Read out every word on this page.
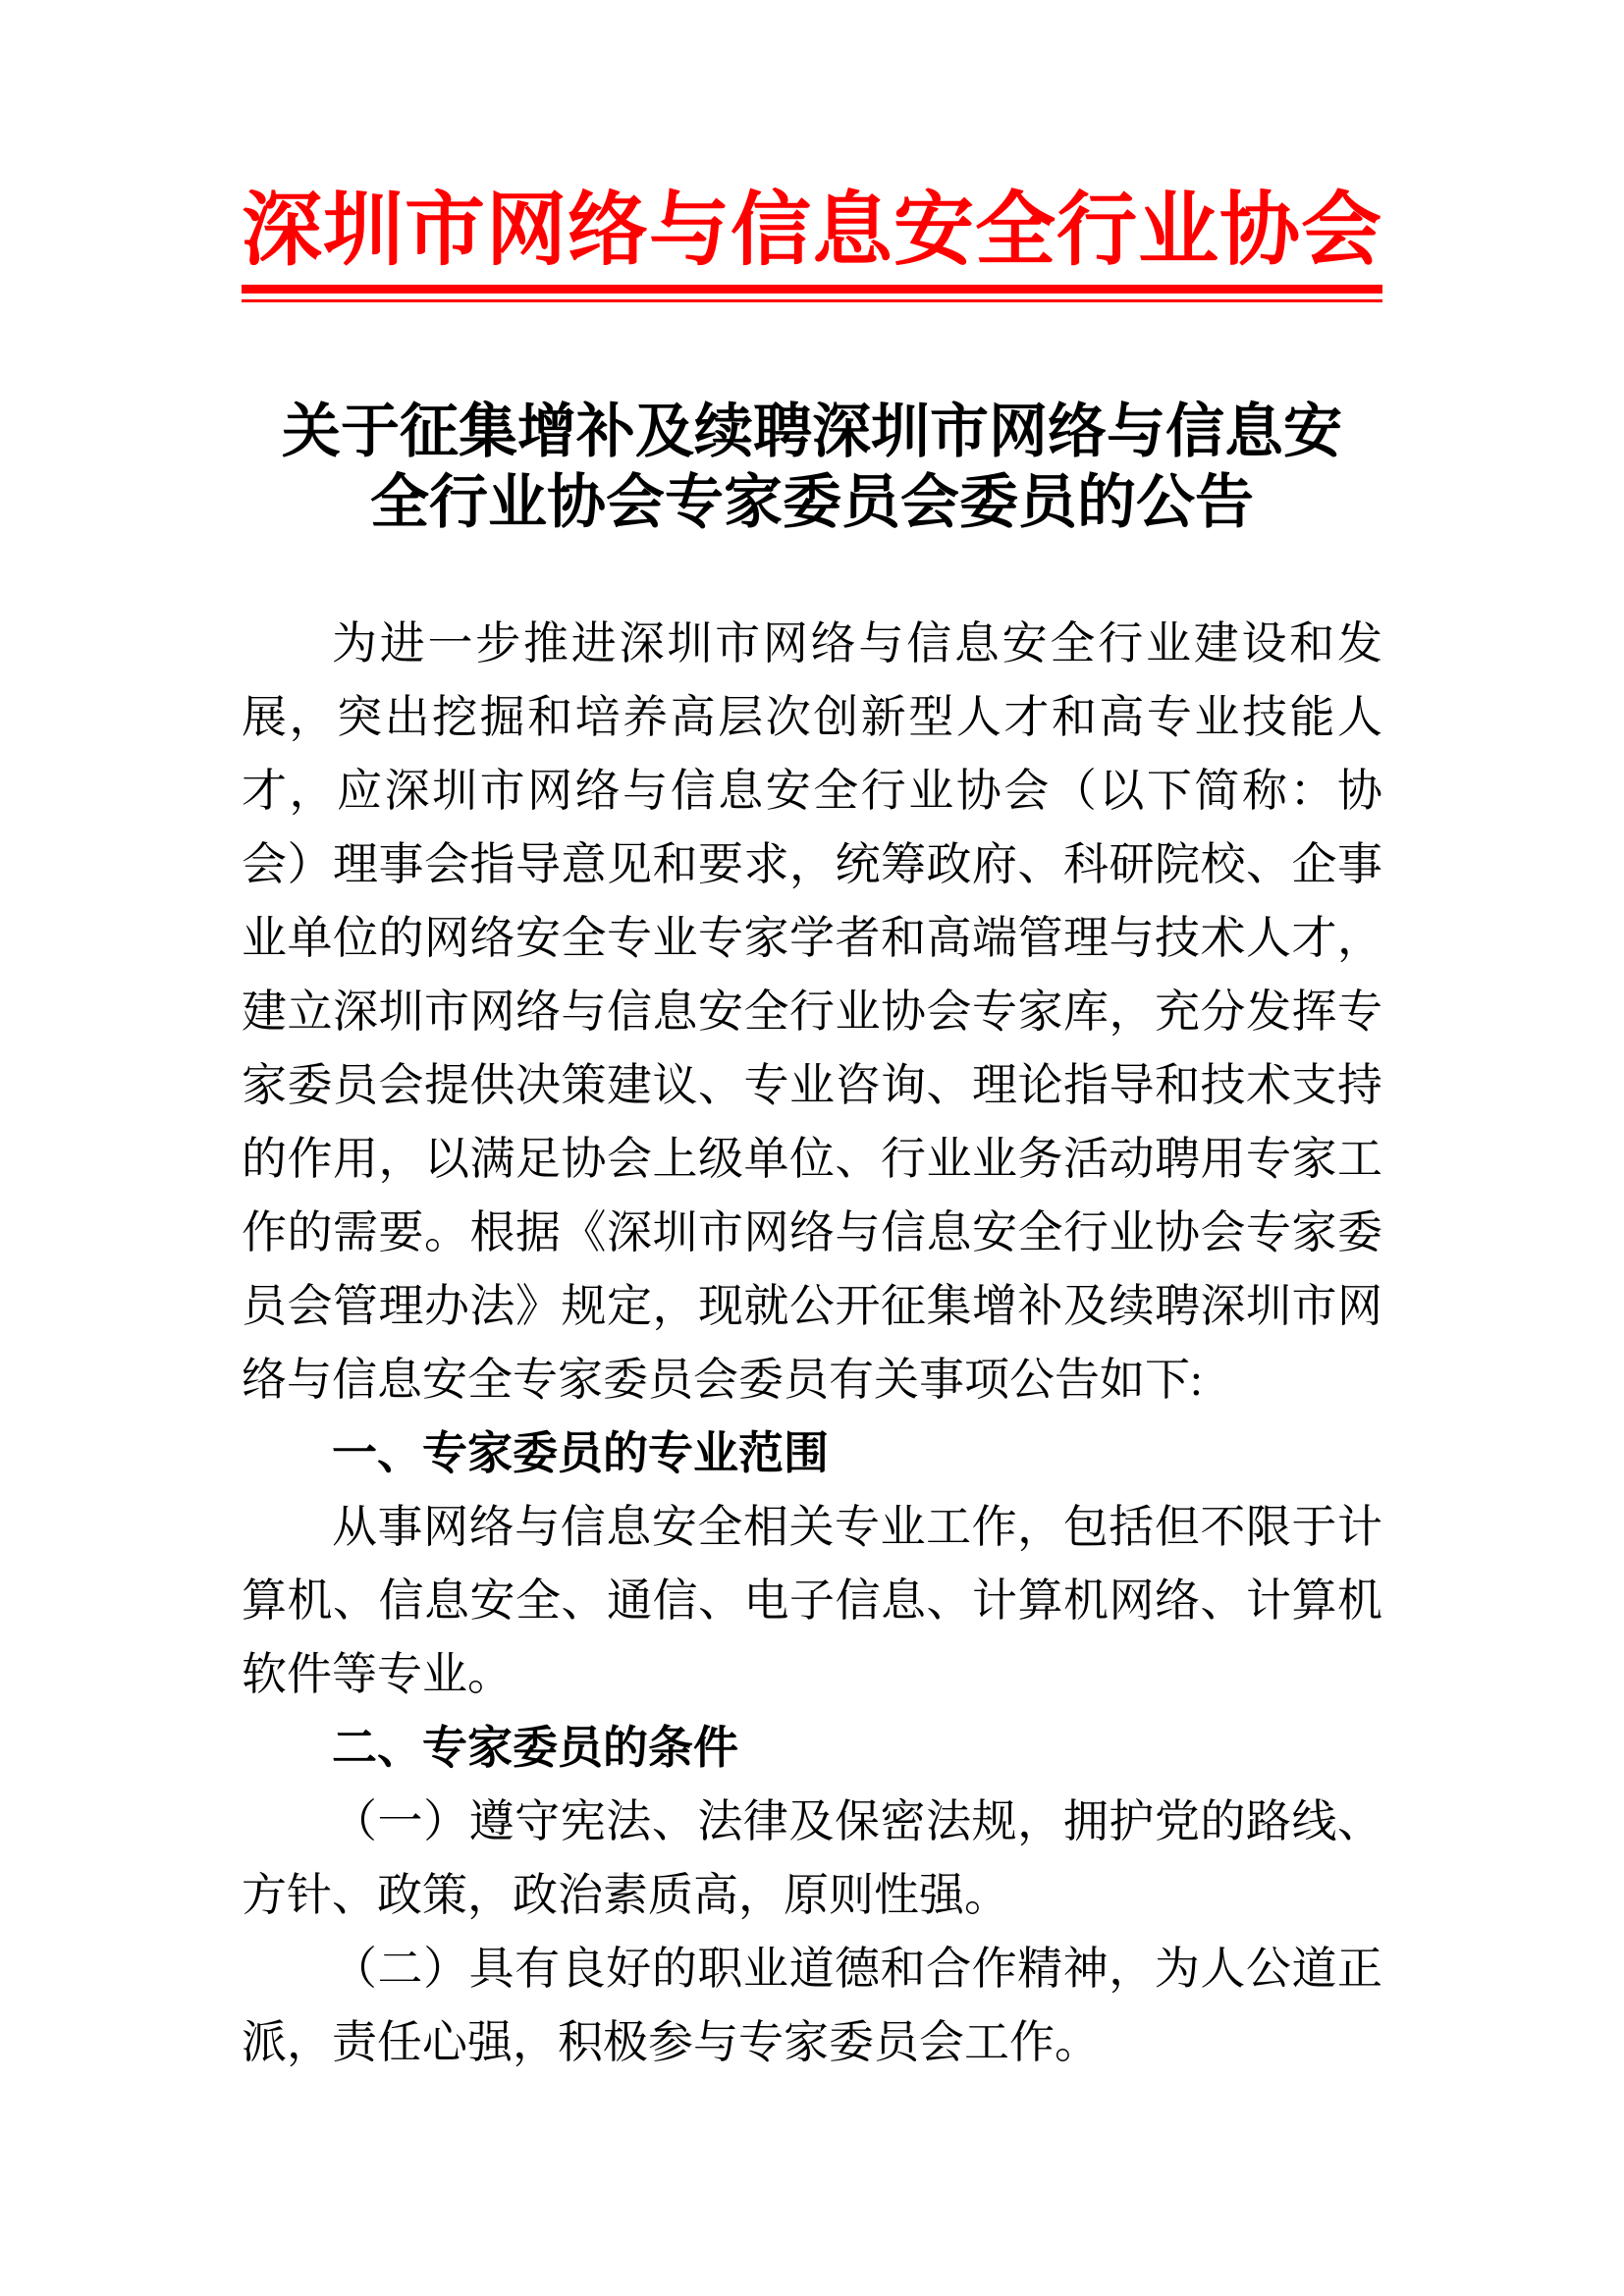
深圳市网络与信息安全行业协会
关于征集增补及续聘深圳市网络与信息安
全行业协会专家委员会委员的公告

为进一步推进深圳市网络与信息安全行业建设和发展，突出挖掘和培养高层次创新型人才和高专业技能人才，应深圳市网络与信息安全行业协会（以下简称：协会）理事会指导意见和要求，统筹政府、科研院校、企事业单位的网络安全专业专家学者和高端管理与技术人才，建立深圳市网络与信息安全行业协会专家库，充分发挥专家委员会提供决策建议、专业咨询、理论指导和技术支持的作用，以满足协会上级单位、行业业务活动聘用专家工作的需要。根据《深圳市网络与信息安全行业协会专家委员会管理办法》规定，现就公开征集增补及续聘深圳市网络与信息安全专家委员会委员有关事项公告如下:

一、专家委员的专业范围

从事网络与信息安全相关专业工作，包括但不限于计算机、信息安全、通信、电子信息、计算机网络、计算机软件等专业。

二、专家委员的条件

（一）遵守宪法、法律及保密法规，拥护党的路线、方针、政策，政治素质高，原则性强。

（二）具有良好的职业道德和合作精神，为人公道正派，责任心强，积极参与专家委员会工作。
